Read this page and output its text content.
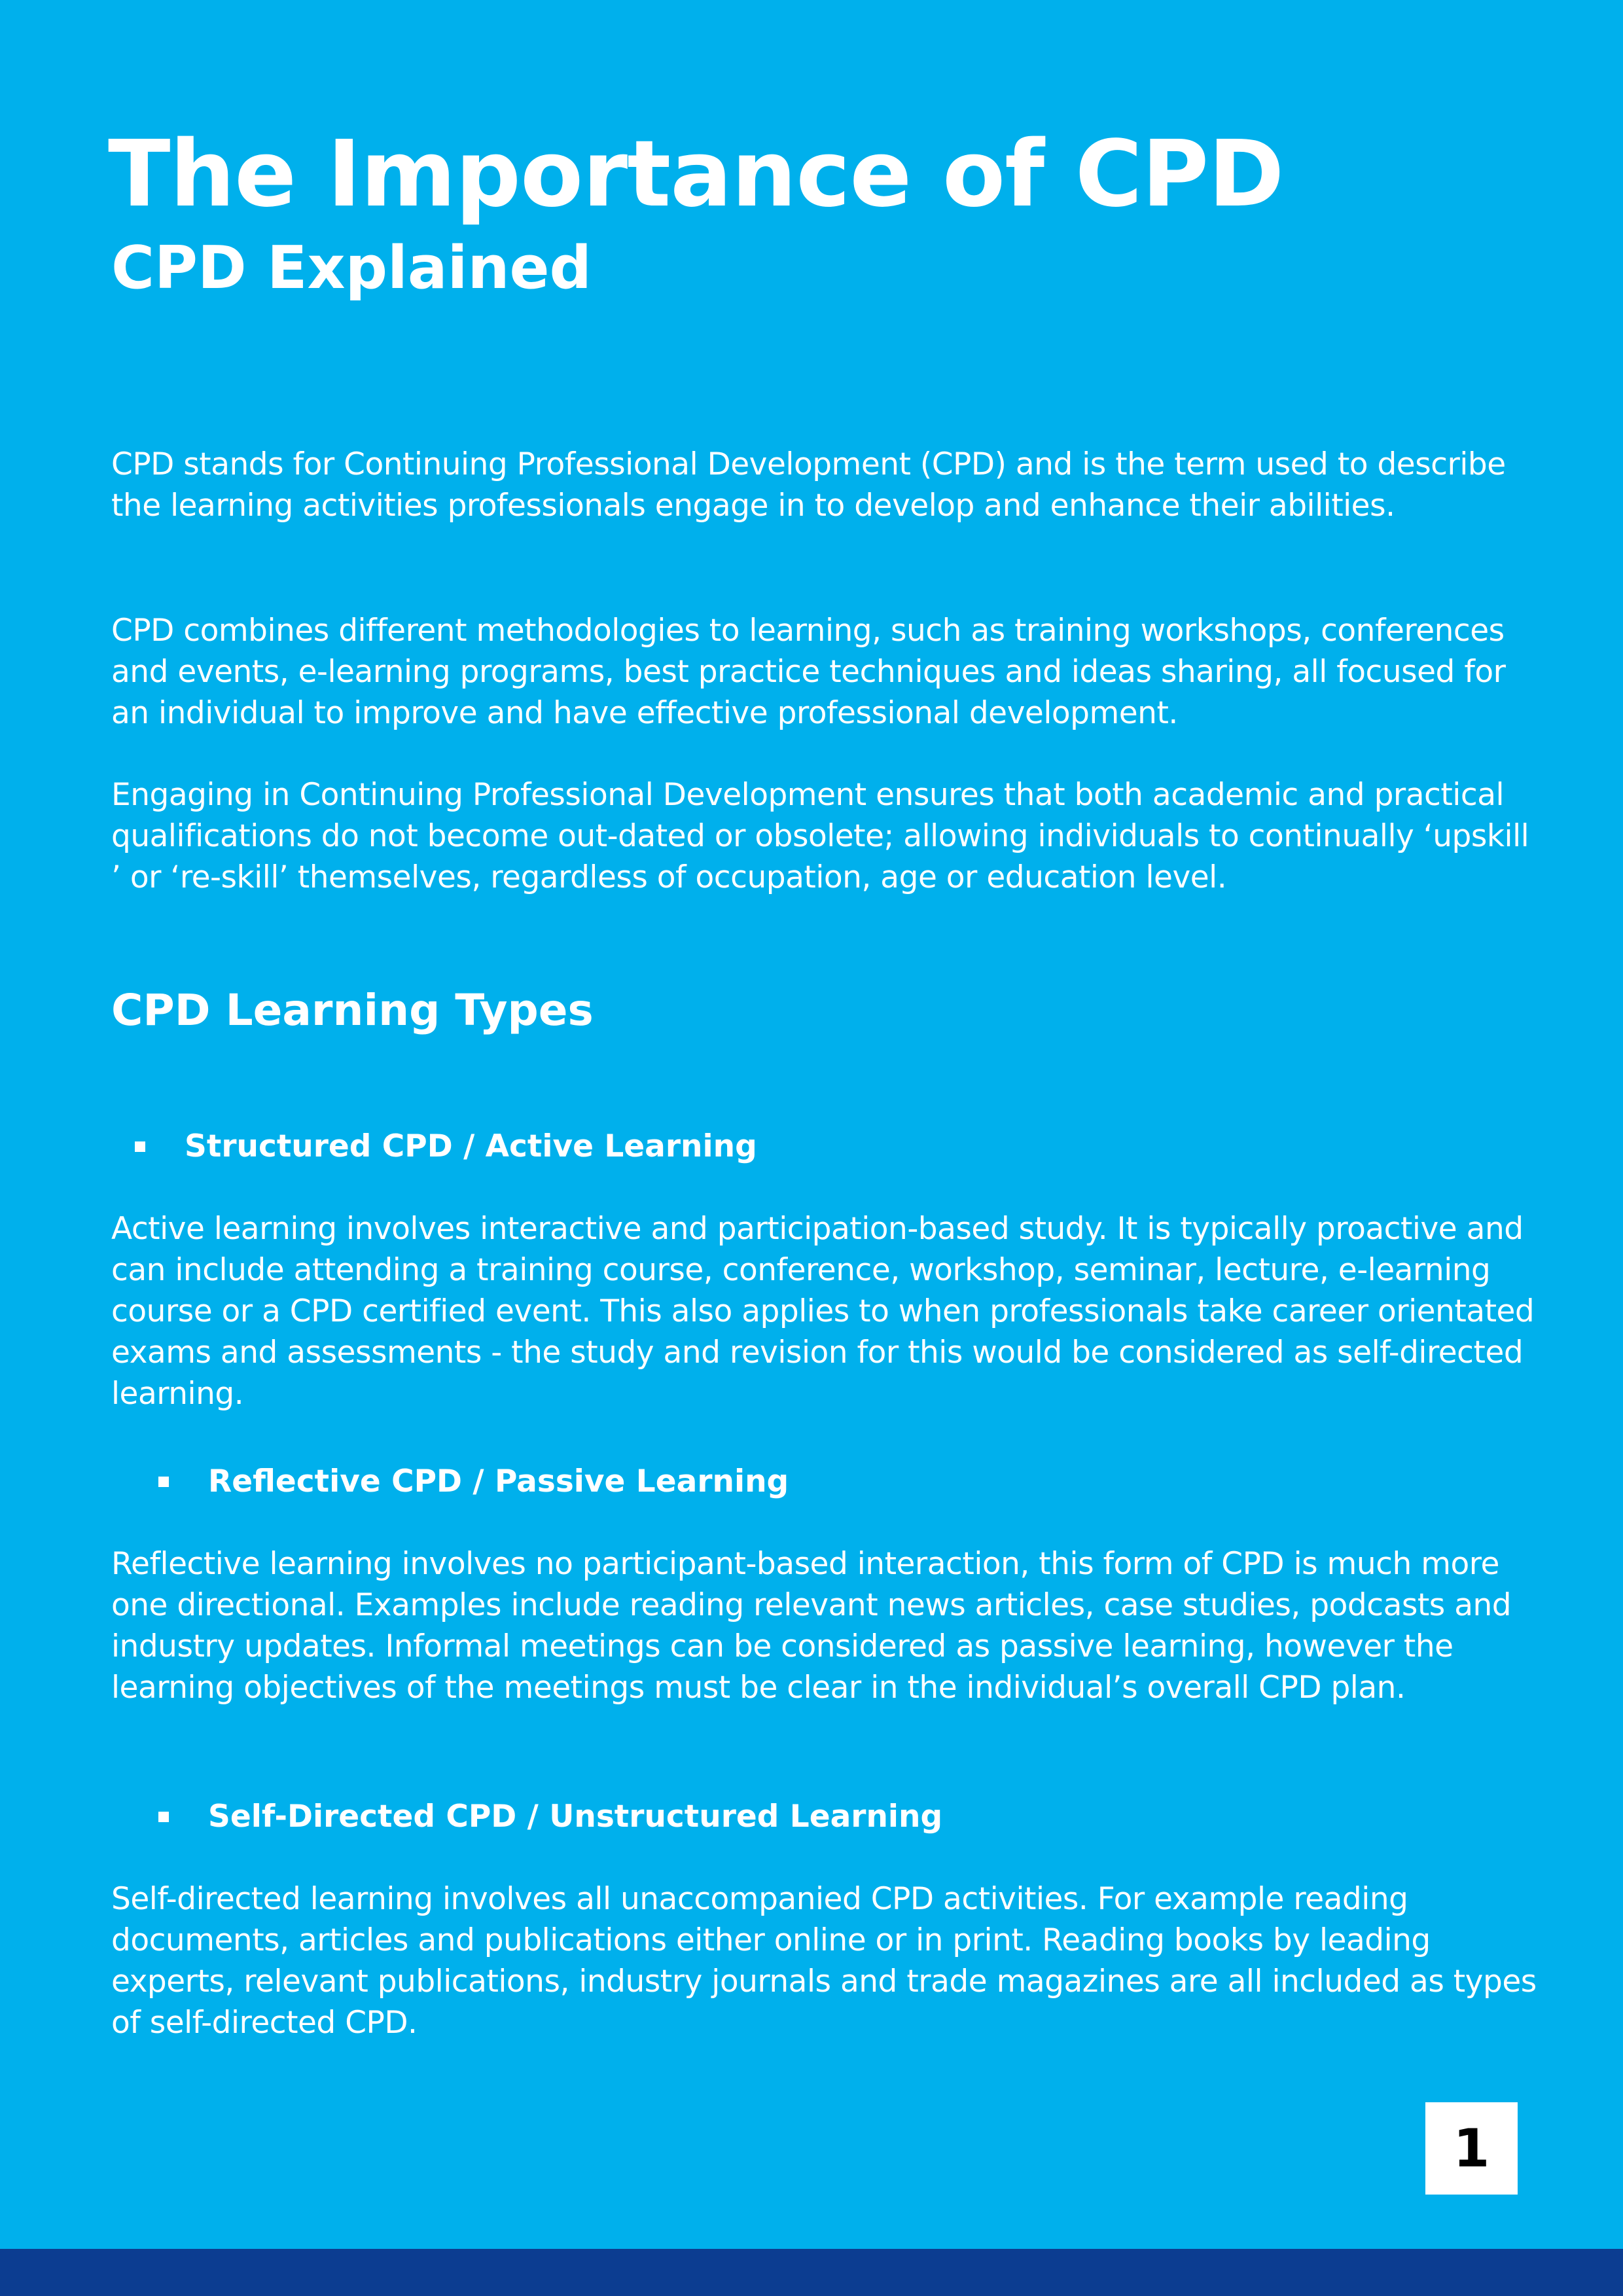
The Importance of CPD
CPD Explained

CPD stands for Continuing Professional Development (CPD) and is the term used to describe the learning activities professionals engage in to develop and enhance their abilities.

CPD combines different methodologies to learning, such as training workshops, conferences and events, e-learning programs, best practice techniques and ideas sharing, all focused for an individual to improve and have effective professional development.

Engaging in Continuing Professional Development ensures that both academic and practical qualifications do not become out-dated or obsolete; allowing individuals to continually ‘upskill ’ or ‘re-skill’ themselves, regardless of occupation, age or education level.

CPD Learning Types
Structured CPD / Active Learning

Active learning involves interactive and participation-based study. It is typically proactive and can include attending a training course, conference, workshop, seminar, lecture, e-learning course or a CPD certified event. This also applies to when professionals take career orientated exams and assessments - the study and revision for this would be considered as self-directed learning.

Reflective CPD / Passive Learning

Reflective learning involves no participant-based interaction, this form of CPD is much more one directional. Examples include reading relevant news articles, case studies, podcasts and industry updates. Informal meetings can be considered as passive learning, however the learning objectives of the meetings must be clear in the individual’s overall CPD plan.

Self-Directed CPD / Unstructured Learning

Self-directed learning involves all unaccompanied CPD activities. For example reading documents, articles and publications either online or in print. Reading books by leading experts, relevant publications, industry journals and trade magazines are all included as types of self-directed CPD.

1
